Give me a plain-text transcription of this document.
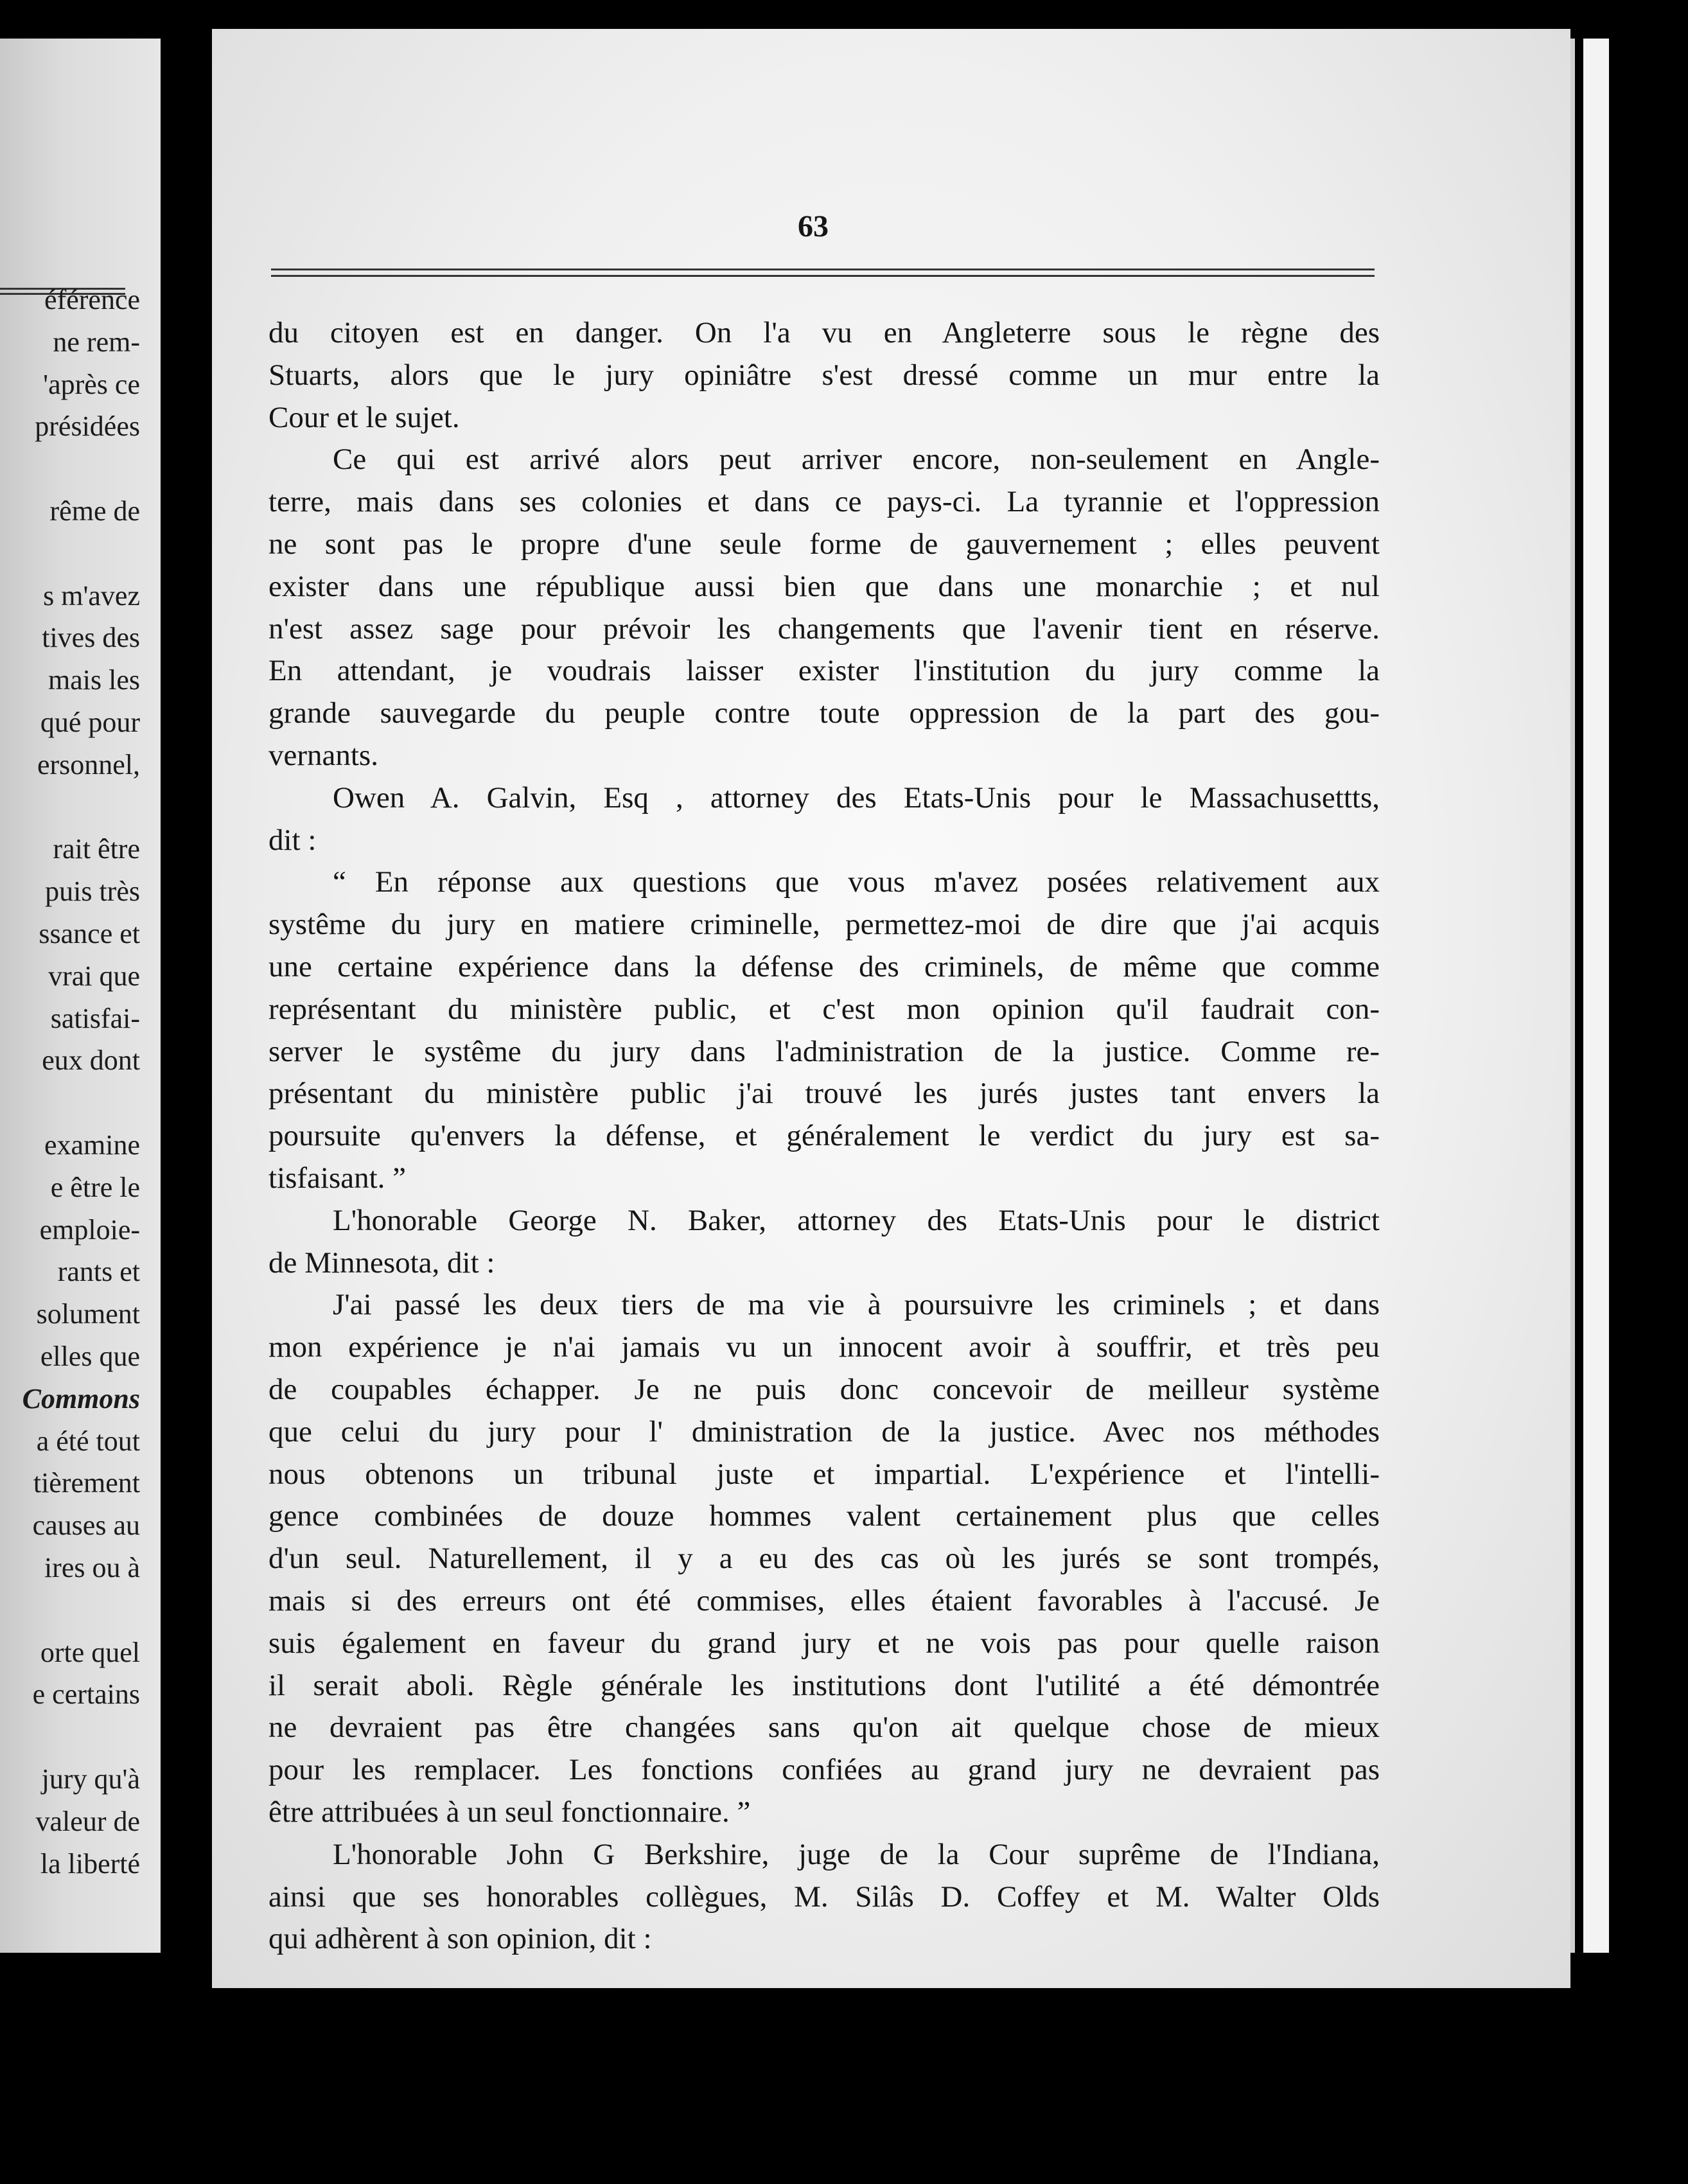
éférence
ne rem-
'après ce
présidées
rême de
s m'avez
tives des
mais les
qué pour
ersonnel,
rait être
puis très
ssance et
vrai que
satisfai-
eux dont
examine
e être le
emploie-
rants et
solument
elles que
Commons
a été tout
tièrement
causes au
ires ou à
orte quel
e certains
jury qu'à
valeur de
la liberté
63
du citoyen est en danger. On l'a vu en Angleterre sous le règne des
Stuarts, alors que le jury opiniâtre s'est dressé comme un mur entre la
Cour et le sujet.
Ce qui est arrivé alors peut arriver encore, non-seulement en Angle-
terre, mais dans ses colonies et dans ce pays-ci. La tyrannie et l'oppression
ne sont pas le propre d'une seule forme de gauvernement ; elles peuvent
exister dans une république aussi bien que dans une monarchie ; et nul
n'est assez sage pour prévoir les changements que l'avenir tient en réserve.
En attendant, je voudrais laisser exister l'institution du jury comme la
grande sauvegarde du peuple contre toute oppression de la part des gou-
vernants.
Owen A. Galvin, Esq , attorney des Etats-Unis pour le Massachusettts,
dit :
“ En réponse aux questions que vous m'avez posées relativement aux
systême du jury en matiere criminelle, permettez-moi de dire que j'ai acquis
une certaine expérience dans la défense des criminels, de même que comme
représentant du ministère public, et c'est mon opinion qu'il faudrait con-
server le systême du jury dans l'administration de la justice. Comme re-
présentant du ministère public j'ai trouvé les jurés justes tant envers la
poursuite qu'envers la défense, et généralement le verdict du jury est sa-
tisfaisant. ”
L'honorable George N. Baker, attorney des Etats-Unis pour le district
de Minnesota, dit :
J'ai passé les deux tiers de ma vie à poursuivre les criminels ; et dans
mon expérience je n'ai jamais vu un innocent avoir à souffrir, et très peu
de coupables échapper. Je ne puis donc concevoir de meilleur système
que celui du jury pour l' dministration de la justice. Avec nos méthodes
nous obtenons un tribunal juste et impartial. L'expérience et l'intelli-
gence combinées de douze hommes valent certainement plus que celles
d'un seul. Naturellement, il y a eu des cas où les jurés se sont trompés,
mais si des erreurs ont été commises, elles étaient favorables à l'accusé. Je
suis également en faveur du grand jury et ne vois pas pour quelle raison
il serait aboli. Règle générale les institutions dont l'utilité a été démontrée
ne devraient pas être changées sans qu'on ait quelque chose de mieux
pour les remplacer. Les fonctions confiées au grand jury ne devraient pas
être attribuées à un seul fonctionnaire. ”
L'honorable John G Berkshire, juge de la Cour suprême de l'Indiana,
ainsi que ses honorables collègues, M. Silâs D. Coffey et M. Walter Olds
qui adhèrent à son opinion, dit :
